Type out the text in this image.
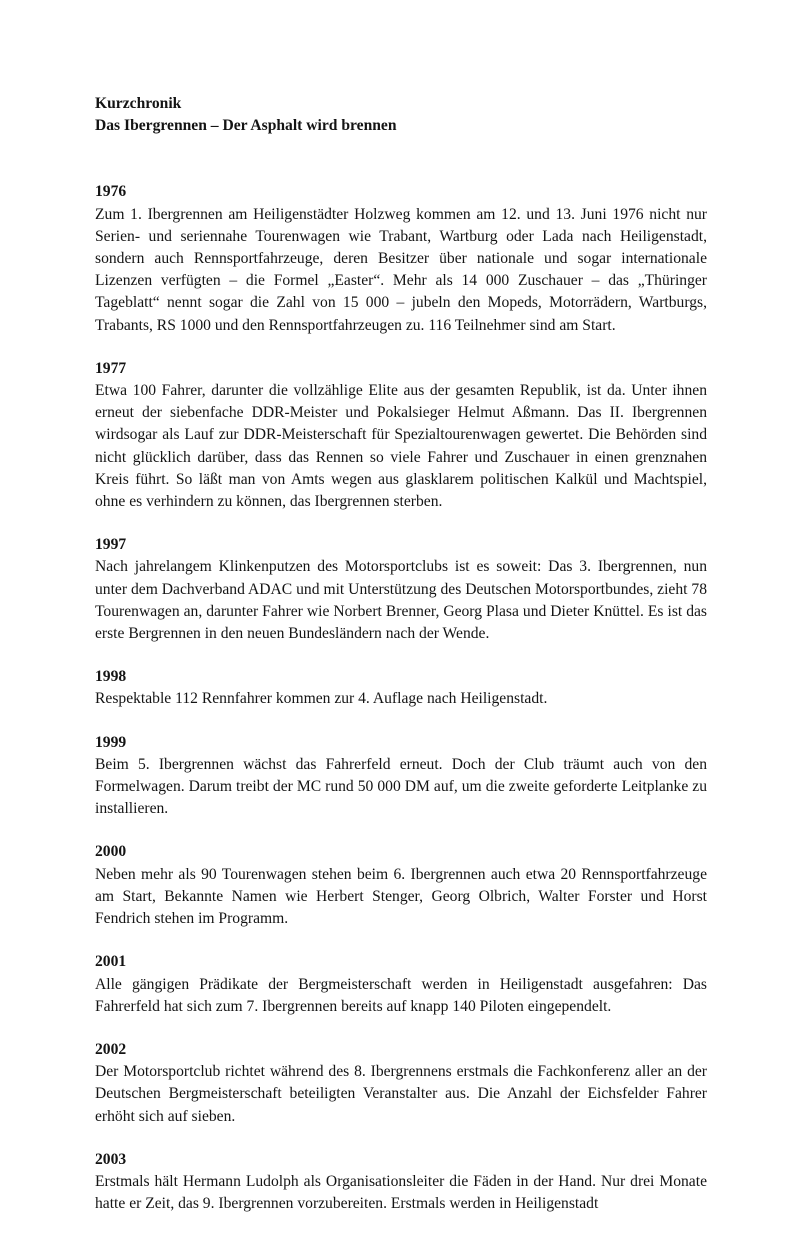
Kurzchronik

Das Ibergrennen – Der Asphalt wird brennen

1976

Zum 1. Ibergrennen am Heiligenstädter Holzweg kommen am 12. und 13. Juni 1976 nicht nur Serien- und seriennahe Tourenwagen wie Trabant, Wartburg oder Lada nach Heiligenstadt, sondern auch Rennsportfahrzeuge, deren Besitzer über nationale und sogar internationale Lizenzen verfügten – die Formel „Easter“. Mehr als 14 000 Zuschauer – das „Thüringer Tageblatt“ nennt sogar die Zahl von 15 000 – jubeln den Mopeds, Motorrädern, Wartburgs, Trabants, RS 1000 und den Rennsportfahrzeugen zu. 116 Teilnehmer sind am Start.

1977

Etwa 100 Fahrer, darunter die vollzählige Elite aus der gesamten Republik, ist da. Unter ihnen erneut der siebenfache DDR-Meister und Pokalsieger Helmut Aßmann. Das II. Ibergrennen wirdsogar als Lauf zur DDR-Meisterschaft für Spezialtourenwagen gewertet. Die Behörden sind nicht glücklich darüber, dass das Rennen so viele Fahrer und Zuschauer in einen grenznahen Kreis führt. So läßt man von Amts wegen aus glasklarem politischen Kalkül und Machtspiel, ohne es verhindern zu können, das Ibergrennen sterben.

1997

Nach jahrelangem Klinkenputzen des Motorsportclubs ist es soweit: Das 3. Ibergrennen, nun unter dem Dachverband ADAC und mit Unterstützung des Deutschen Motorsportbundes, zieht 78 Tourenwagen an, darunter Fahrer wie Norbert Brenner, Georg Plasa und Dieter Knüttel. Es ist das erste Bergrennen in den neuen Bundesländern nach der Wende.

1998

Respektable 112 Rennfahrer kommen zur 4. Auflage nach Heiligenstadt.

1999

Beim 5. Ibergrennen wächst das Fahrerfeld erneut. Doch der Club träumt auch von den Formelwagen. Darum treibt der MC rund 50 000 DM auf, um die zweite geforderte Leitplanke zu installieren.

2000

Neben mehr als 90 Tourenwagen stehen beim 6. Ibergrennen auch etwa 20 Rennsportfahrzeuge am Start, Bekannte Namen wie Herbert Stenger, Georg Olbrich, Walter Forster und Horst Fendrich stehen im Programm.

2001

Alle gängigen Prädikate der Bergmeisterschaft werden in Heiligenstadt ausgefahren: Das Fahrerfeld hat sich zum 7. Ibergrennen bereits auf knapp 140 Piloten eingependelt.

2002

Der Motorsportclub richtet während des 8. Ibergrennens erstmals die Fachkonferenz aller an der Deutschen Bergmeisterschaft beteiligten Veranstalter aus. Die Anzahl der Eichsfelder Fahrer erhöht sich auf sieben.

2003

Erstmals hält Hermann Ludolph als Organisationsleiter die Fäden in der Hand. Nur drei Monate hatte er Zeit, das 9. Ibergrennen vorzubereiten. Erstmals werden in Heiligenstadt
